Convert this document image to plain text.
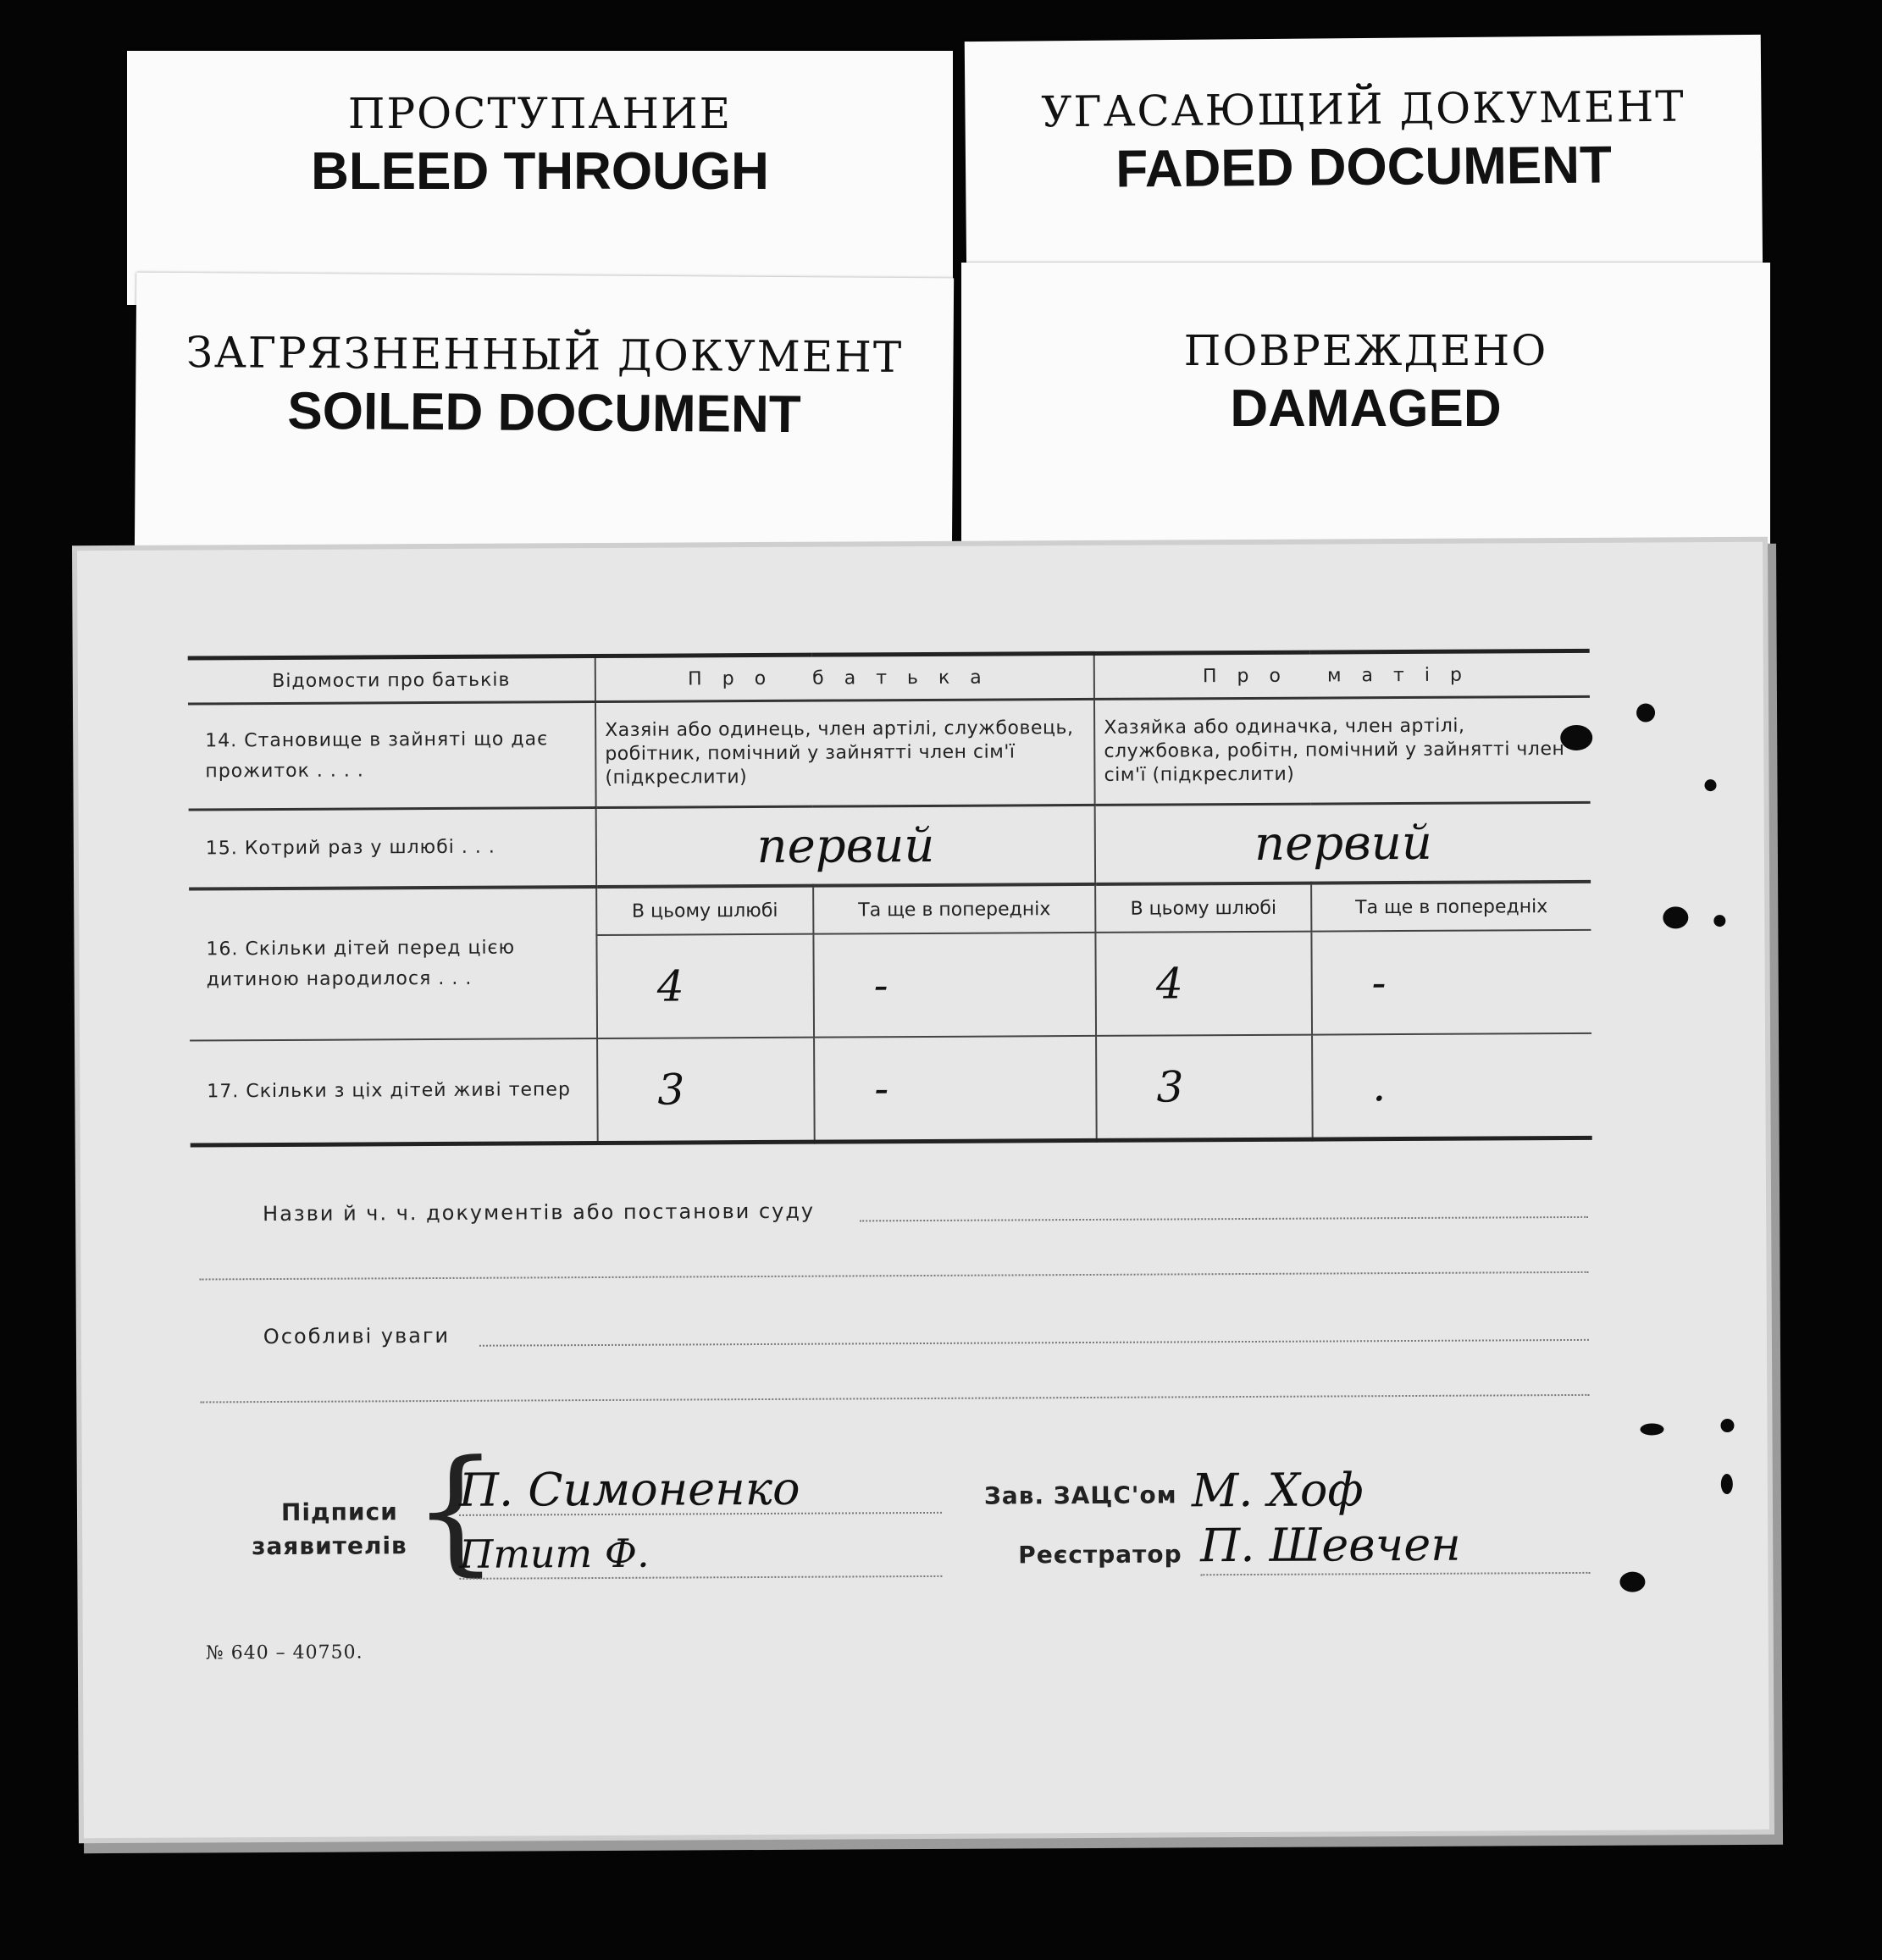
ПРОСТУПАНИЕ
BLEED THROUGH
УГАСАЮЩИЙ ДОКУМЕНТ
FADED DOCUMENT
ЗАГРЯЗНЕННЫЙ ДОКУМЕНТ
SOILED DOCUMENT
ПОВРЕЖДЕНО
DAMAGED
Відомости про батьків	Про батька		Про матір	
14. Становище в зайняті що дає прожиток . . . .	Хазяін або одинець, член артілі, службовець, робітник, помічний у зайнятті член сім'ї (підкреслити)		Хазяйка або одиначка, член артілі, службовка, робітн, помічний у зайнятті член сім'ї (підкреслити)	
15. Котрий раз у шлюбі . . .	первий		первий	
16. Скільки дітей перед цією дитиною народилося . . .	В цьому шлюбі	Та ще в попередніх	В цьому шлюбі	Та ще в попередніх
	4	-	4	-
17. Скільки з ціх дітей живі тепер	3	-	3	.
Назви й ч. ч. документів або постанови суду
Особливі уваги
Підписи
заявителів {
П. Симоненко
Птит Ф.
Зав. ЗАЦС'ом М. Хоф
Реєстратор П. Шевчен
№ 640 – 40750.
